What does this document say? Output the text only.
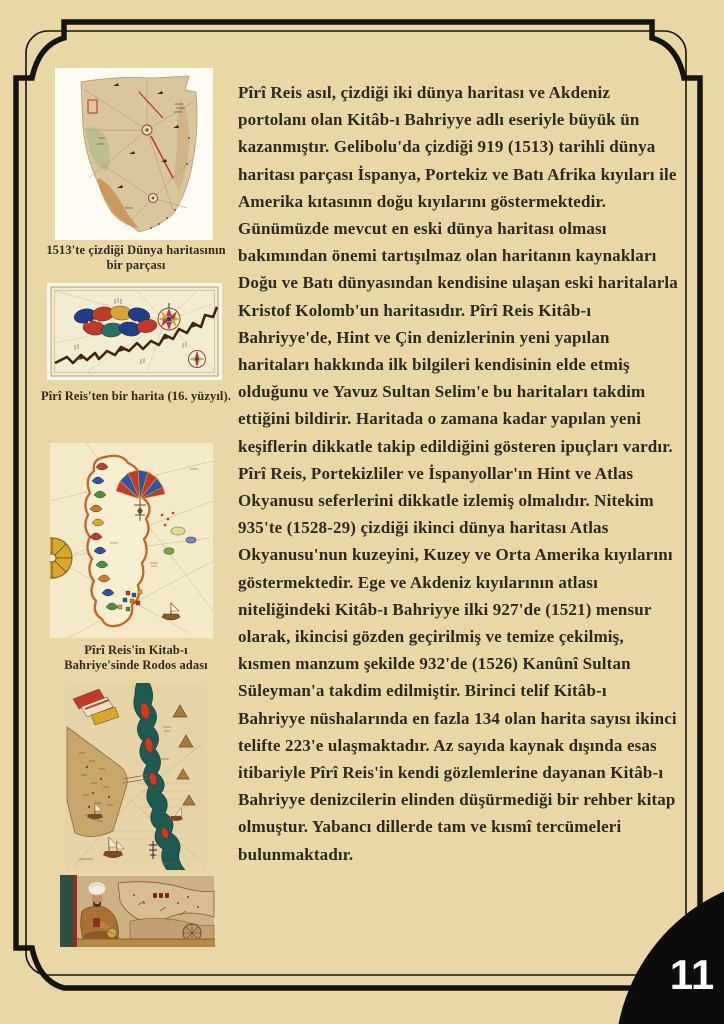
1513'te çizdiği Dünya haritasının bir parçası
Pîrî Reis'ten bir harita (16. yüzyıl).
Pîrî Reis'in Kitab-ı Bahriye'sinde Rodos adası

Pîrî Reis asıl, çizdiği iki dünya haritası ve Akdeniz portolanı olan Kitâb-ı Bahriyye adlı eseriyle büyük ün kazanmıştır. Gelibolu'da çizdiği 919 (1513) tarihli dünya haritası parçası İspanya, Portekiz ve Batı Afrika kıyıları ile Amerika kıtasının doğu kıyılarını göstermektedir. Günümüzde mevcut en eski dünya haritası olması bakımından önemi tartışılmaz olan haritanın kaynakları Doğu ve Batı dünyasından kendisine ulaşan eski haritalarla Kristof Kolomb'un haritasıdır. Pîrî Reis Kitâb-ı Bahriyye'de, Hint ve Çin denizlerinin yeni yapılan haritaları hakkında ilk bilgileri kendisinin elde etmiş olduğunu ve Yavuz Sultan Selim'e bu haritaları takdim ettiğini bildirir. Haritada o zamana kadar yapılan yeni keşiflerin dikkatle takip edildiğini gösteren ipuçları vardır. Pîrî Reis, Portekizliler ve İspanyollar'ın Hint ve Atlas Okyanusu seferlerini dikkatle izlemiş olmalıdır. Nitekim 935'te (1528-29) çizdiği ikinci dünya haritası Atlas Okyanusu'nun kuzeyini, Kuzey ve Orta Amerika kıyılarını göstermektedir. Ege ve Akdeniz kıyılarının atlası niteliğindeki Kitâb-ı Bahriyye ilki 927'de (1521) mensur olarak, ikincisi gözden geçirilmiş ve temize çekilmiş, kısmen manzum şekilde 932'de (1526) Kanûnî Sultan Süleyman'a takdim edilmiştir. Birinci telif Kitâb-ı Bahriyye nüshalarında en fazla 134 olan harita sayısı ikinci telifte 223'e ulaşmaktadır. Az sayıda kaynak dışında esas itibariyle Pîrî Reis'in kendi gözlemlerine dayanan Kitâb-ı Bahriyye denizcilerin elinden düşürmediği bir rehber kitap olmuştur. Yabancı dillerde tam ve kısmî tercümeleri bulunmaktadır.

11
